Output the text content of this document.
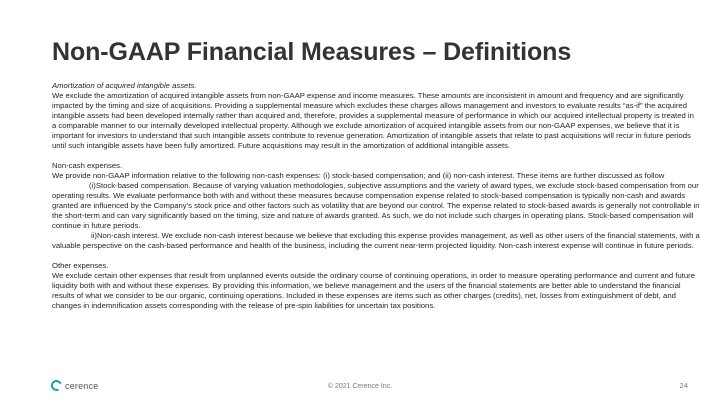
Non-GAAP Financial Measures – Definitions

Amortization of acquired intangible assets.

We exclude the amortization of acquired intangible assets from non-GAAP expense and income measures. These amounts are inconsistent in amount and frequency and are significantly impacted by the timing and size of acquisitions. Providing a supplemental measure which excludes these charges allows management and investors to evaluate results “as-if” the acquired intangible assets had been developed internally rather than acquired and, therefore, provides a supplemental measure of performance in which our acquired intellectual property is treated in a comparable manner to our internally developed intellectual property. Although we exclude amortization of acquired intangible assets from our non-GAAP expenses, we believe that it is important for investors to understand that such intangible assets contribute to revenue generation. Amortization of intangible assets that relate to past acquisitions will recur in future periods until such intangible assets have been fully amortized. Future acquisitions may result in the amortization of additional intangible assets.

Non-cash expenses.

We provide non-GAAP information relative to the following non-cash expenses: (i) stock-based compensation; and (ii) non-cash interest. These items are further discussed as follow

(i)Stock-based compensation. Because of varying valuation methodologies, subjective assumptions and the variety of award types, we exclude stock-based compensation from our operating results. We evaluate performance both with and without these measures because compensation expense related to stock-based compensation is typically non-cash and awards granted are influenced by the Company’s stock price and other factors such as volatility that are beyond our control. The expense related to stock-based awards is generally not controllable in the short-term and can vary significantly based on the timing, size and nature of awards granted. As such, we do not include such charges in operating plans. Stock-based compensation will continue in future periods.

ii)Non-cash interest. We exclude non-cash interest because we believe that excluding this expense provides management, as well as other users of the financial statements, with a valuable perspective on the cash-based performance and health of the business, including the current near-term projected liquidity. Non-cash interest expense will continue in future periods.

Other expenses.

We exclude certain other expenses that result from unplanned events outside the ordinary course of continuing operations, in order to measure operating performance and current and future liquidity both with and without these expenses. By providing this information, we believe management and the users of the financial statements are better able to understand the financial results of what we consider to be our organic, continuing operations. Included in these expenses are items such as other charges (credits), net, losses from extinguishment of debt, and changes in indemnification assets corresponding with the release of pre-spin liabilities for uncertain tax positions.

cerence	© 2021 Cerence Inc.	24
